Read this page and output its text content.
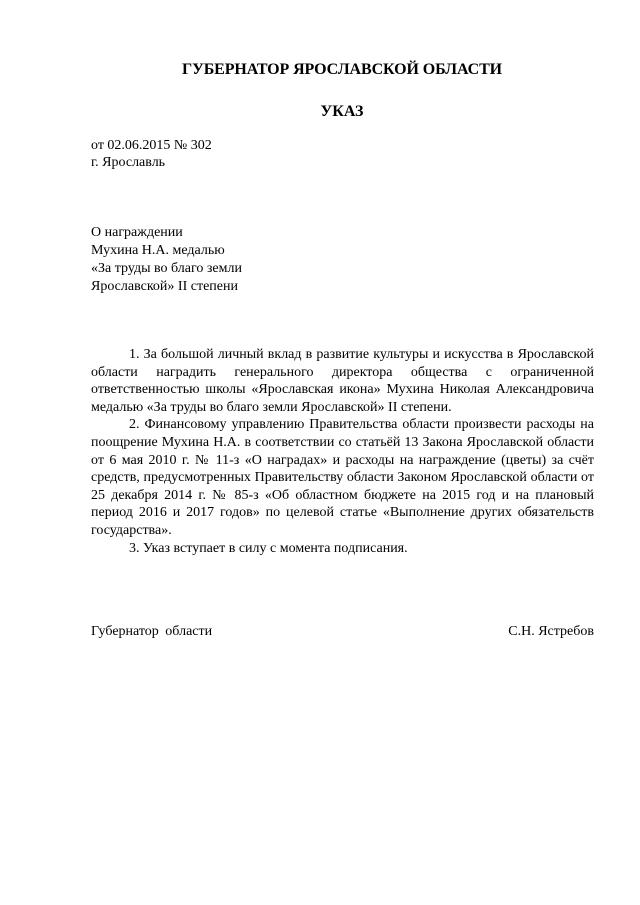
ГУБЕРНАТОР ЯРОСЛАВСКОЙ ОБЛАСТИ
УКАЗ
от 02.06.2015 № 302
г. Ярославль
О награждении
Мухина Н.А. медалью
«За труды во благо земли
Ярославской» II степени

1. За большой личный вклад в развитие культуры и искусства в Ярославской области наградить генерального директора общества с ограниченной ответственностью школы «Ярославская икона» Мухина Николая Александровича медалью «За труды во благо земли Ярославской» II степени.

2. Финансовому управлению Правительства области произвести расходы на поощрение Мухина Н.А. в соответствии со статьёй 13 Закона Ярославской области от 6 мая 2010 г. № 11-з «О наградах» и расходы на награждение (цветы) за счёт средств, предусмотренных Правительству области Законом Ярославской области от 25 декабря 2014 г. № 85-з «Об областном бюджете на 2015 год и на плановый период 2016 и 2017 годов» по целевой статье «Выполнение других обязательств государства».

3. Указ вступает в силу с момента подписания.

Губернатор области	С.Н. Ястребов
